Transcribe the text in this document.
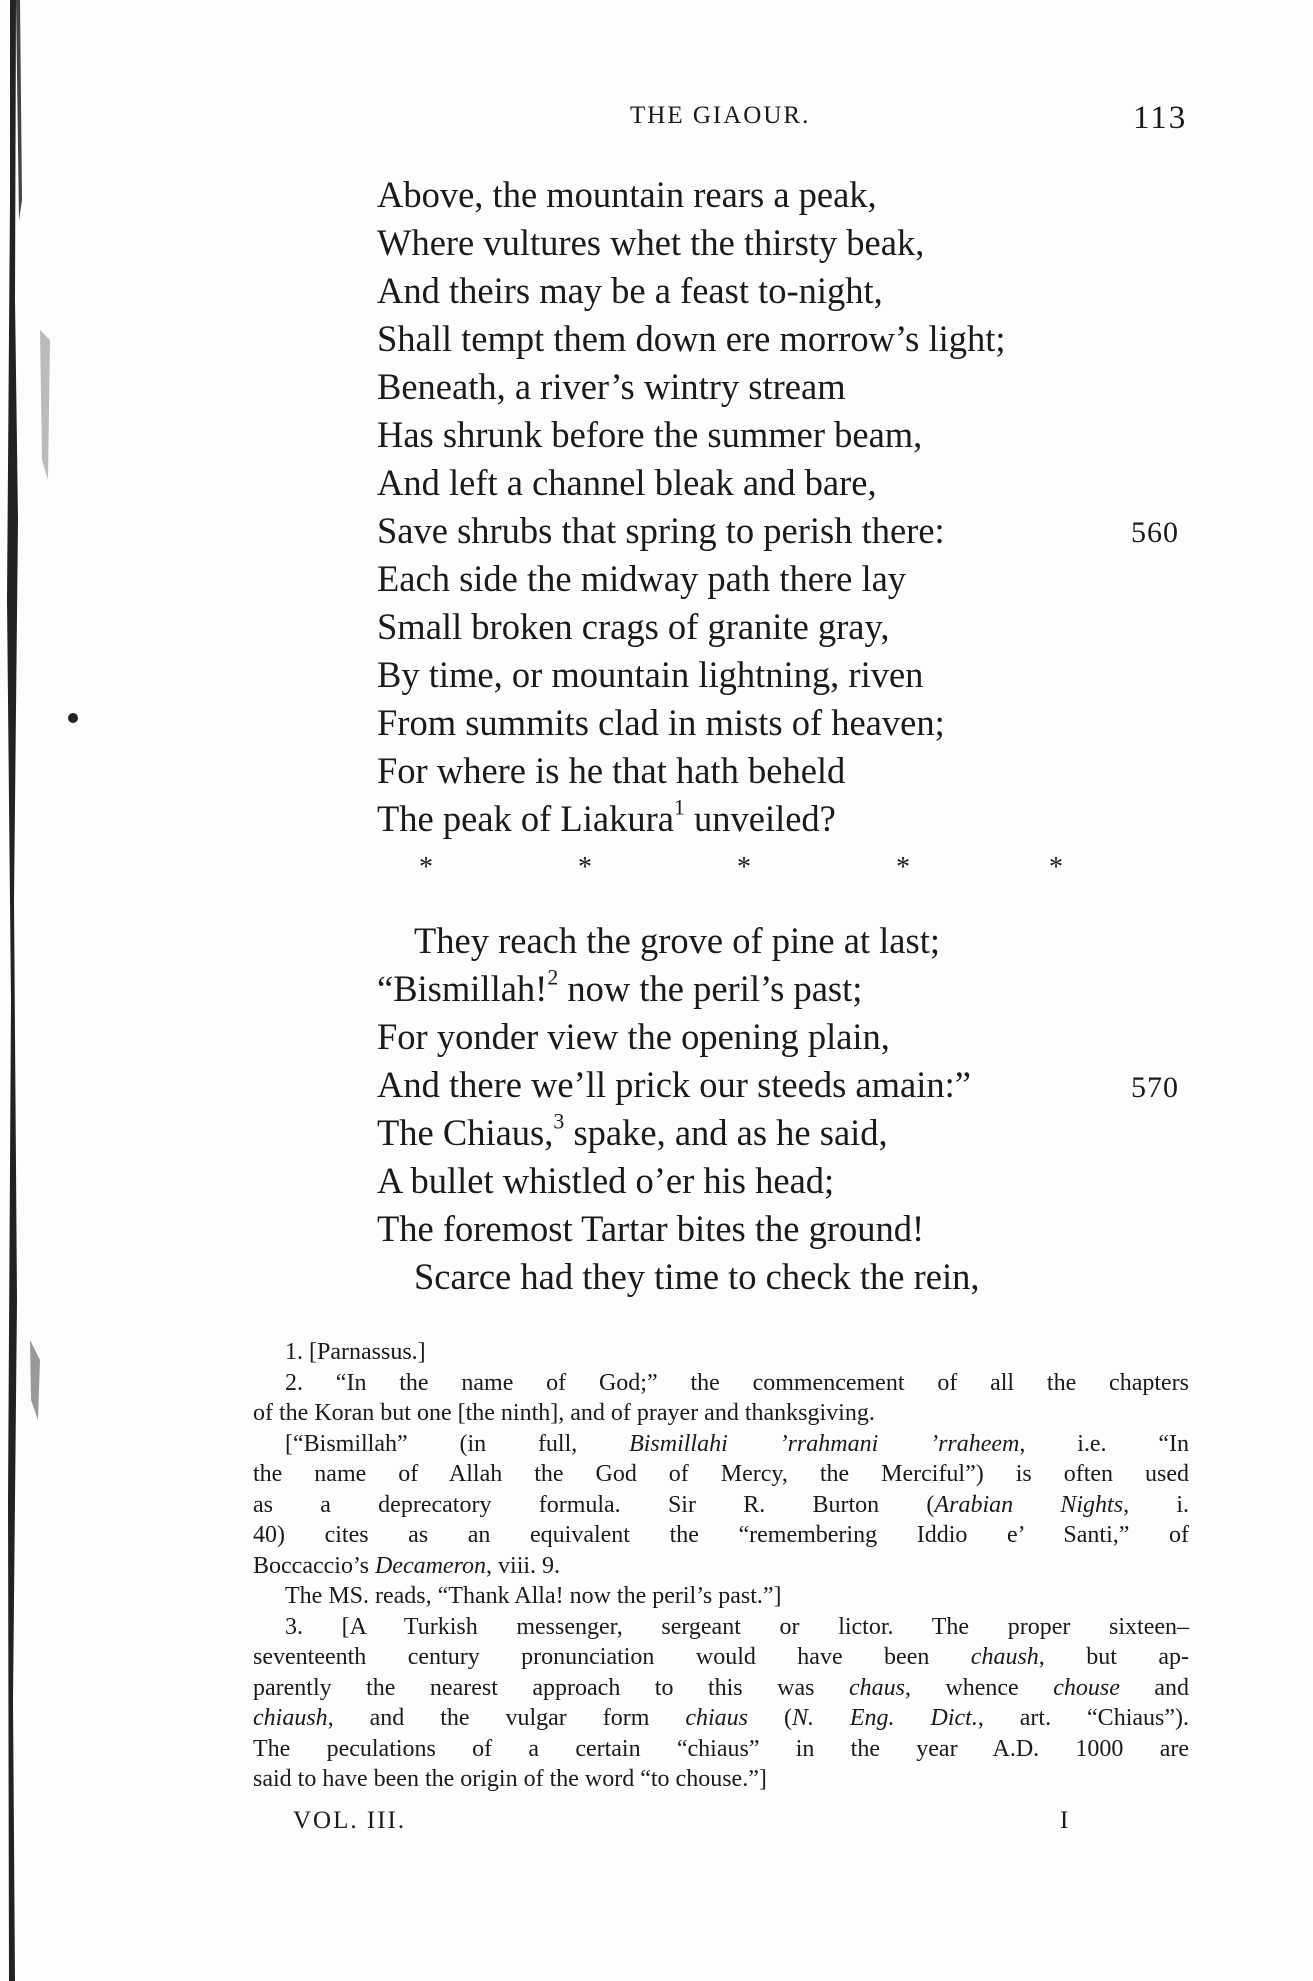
THE GIAOUR.	113
Above, the mountain rears a peak,
Where vultures whet the thirsty beak,
And theirs may be a feast to-night,
Shall tempt them down ere morrow’s light;
Beneath, a river’s wintry stream
Has shrunk before the summer beam,
And left a channel bleak and bare,
Save shrubs that spring to perish there:	560
Each side the midway path there lay
Small broken crags of granite gray,
By time, or mountain lightning, riven
From summits clad in mists of heaven;
For where is he that hath beheld
The peak of Liakura$^1$ unveiled?
*	*	*	*	*
They reach the grove of pine at last;
“Bismillah!$^2$ now the peril’s past;
For yonder view the opening plain,
And there we’ll prick our steeds amain:”	570
The Chiaus,$^3$ spake, and as he said,
A bullet whistled o’er his head;
The foremost Tartar bites the ground!
Scarce had they time to check the rein,
1. [Parnassus.]
2. “In the name of God;” the commencement of all the chapters
of the Koran but one [the ninth], and of prayer and thanksgiving.
[“Bismillah” (in full, Bismillahi ’rrahmani ’rraheem, i.e. “In
the name of Allah the God of Mercy, the Merciful”) is often used
as a deprecatory formula. Sir R. Burton (Arabian Nights, i.
40) cites as an equivalent the “remembering Iddio e’ Santi,” of
Boccaccio’s Decameron, viii. 9.
The MS. reads, “Thank Alla! now the peril’s past.”]
3. [A Turkish messenger, sergeant or lictor. The proper sixteen–
seventeenth century pronunciation would have been chaush, but ap-
parently the nearest approach to this was chaus, whence chouse and
chiaush, and the vulgar form chiaus (N. Eng. Dict., art. “Chiaus”).
The peculations of a certain “chiaus” in the year A.D. 1000 are
said to have been the origin of the word “to chouse.”]
VOL. III.	I
